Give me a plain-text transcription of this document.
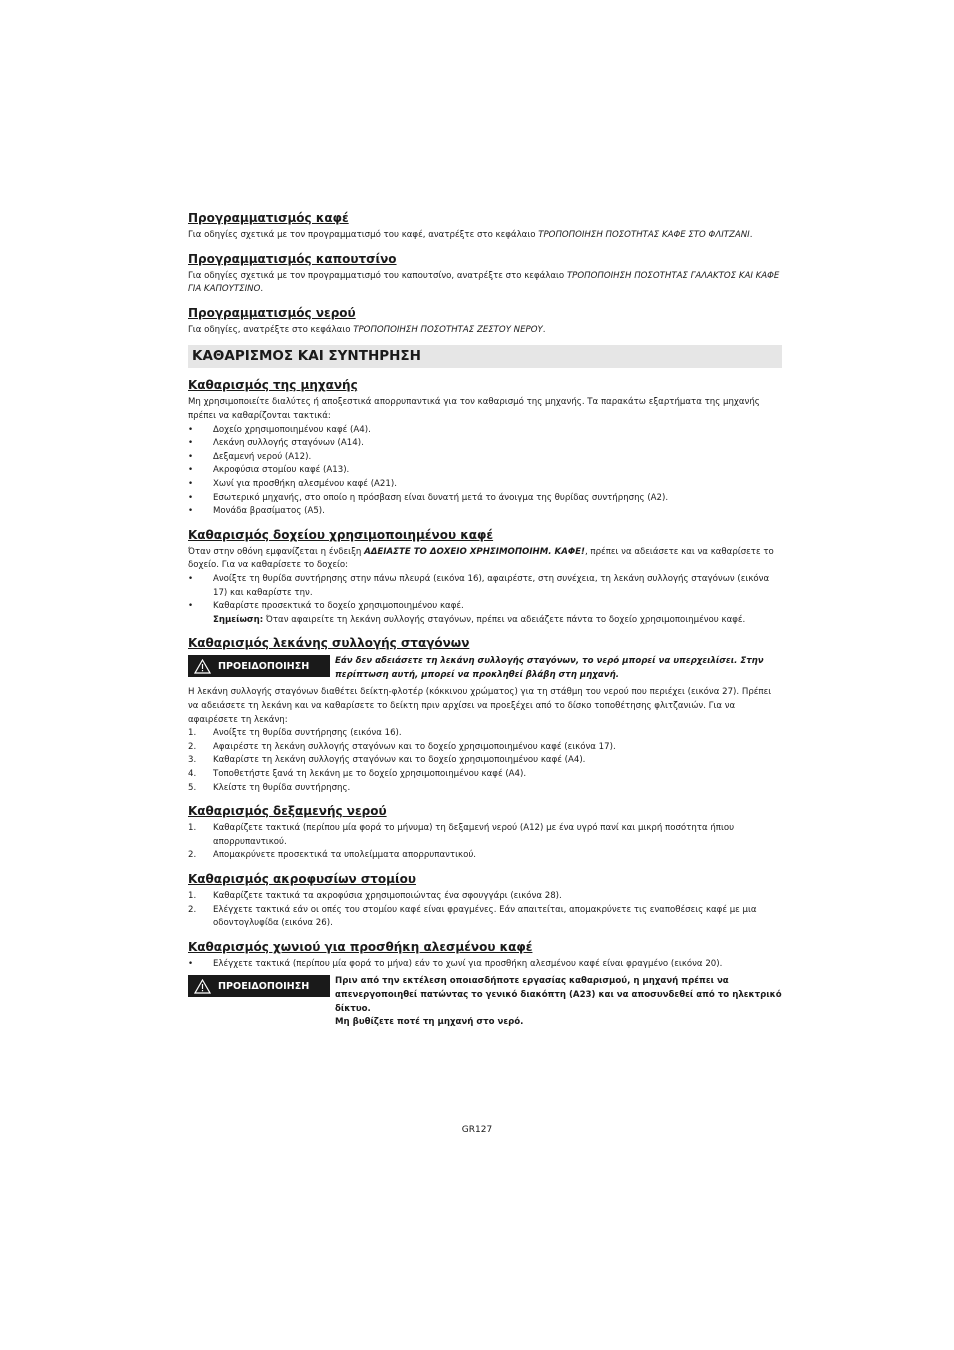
Προγραμματισμός καφέ

Για οδηγίες σχετικά με τον προγραμματισμό του καφέ, ανατρέξτε στο κεφάλαιο ΤΡΟΠΟΠΟΙΗΣΗ ΠΟΣΟΤΗΤΑΣ ΚΑΦΕ ΣΤΟ ΦΛΙΤΖΑΝΙ.

Προγραμματισμός καπουτσίνο

Για οδηγίες σχετικά με τον προγραμματισμό του καπουτσίνο, ανατρέξτε στο κεφάλαιο ΤΡΟΠΟΠΟΙΗΣΗ ΠΟΣΟΤΗΤΑΣ ΓΑΛΑΚΤΟΣ ΚΑΙ ΚΑΦΕ ΓΙΑ ΚΑΠΟΥΤΣΙΝΟ.

Προγραμματισμός νερού

Για οδηγίες, ανατρέξτε στο κεφάλαιο ΤΡΟΠΟΠΟΙΗΣΗ ΠΟΣΟΤΗΤΑΣ ΖΕΣΤΟΥ ΝΕΡΟΥ.

ΚΑΘΑΡΙΣΜΟΣ ΚΑΙ ΣΥΝΤΗΡΗΣΗ
Καθαρισμός της μηχανής

Μη χρησιμοποιείτε διαλύτες ή αποξεστικά απορρυπαντικά για τον καθαρισμό της μηχανής. Τα παρακάτω εξαρτήματα της μηχανής πρέπει να καθαρίζονται τακτικά:

• Δοχείο χρησιμοποιημένου καφέ (A4).
• Λεκάνη συλλογής σταγόνων (A14).
• Δεξαμενή νερού (A12).
• Ακροφύσια στομίου καφέ (A13).
• Χωνί για προσθήκη αλεσμένου καφέ (A21).
• Εσωτερικό μηχανής, στο οποίο η πρόσβαση είναι δυνατή μετά το άνοιγμα της θυρίδας συντήρησης (A2).
• Μονάδα βρασίματος (A5).
Καθαρισμός δοχείου χρησιμοποιημένου καφέ

Όταν στην οθόνη εμφανίζεται η ένδειξη ΑΔΕΙΑΣΤΕ ΤΟ ΔΟΧΕΙΟ ΧΡΗΣΙΜΟΠΟΙΗΜ. ΚΑΦΕ!, πρέπει να αδειάσετε και να καθαρίσετε το δοχείο. Για να καθαρίσετε το δοχείο:

• Ανοίξτε τη θυρίδα συντήρησης στην πάνω πλευρά (εικόνα 16), αφαιρέστε, στη συνέχεια, τη λεκάνη συλλογής σταγόνων (εικόνα 17) και καθαρίστε την.
• Καθαρίστε προσεκτικά το δοχείο χρησιμοποιημένου καφέ.
Σημείωση: Όταν αφαιρείτε τη λεκάνη συλλογής σταγόνων, πρέπει να αδειάζετε πάντα το δοχείο χρησιμοποιημένου καφέ.
Καθαρισμός λεκάνης συλλογής σταγόνων
ΠΡΟΕΙΔΟΠΟΙΗΣΗ	Εάν δεν αδειάσετε τη λεκάνη συλλογής σταγόνων, το νερό μπορεί να υπερχειλίσει. Στην περίπτωση αυτή, μπορεί να προκληθεί βλάβη στη μηχανή.

Η λεκάνη συλλογής σταγόνων διαθέτει δείκτη-φλοτέρ (κόκκινου χρώματος) για τη στάθμη του νερού που περιέχει (εικόνα 27). Πρέπει να αδειάσετε τη λεκάνη και να καθαρίσετε το δείκτη πριν αρχίσει να προεξέχει από το δίσκο τοποθέτησης φλιτζανιών. Για να αφαιρέσετε τη λεκάνη:

1. Ανοίξτε τη θυρίδα συντήρησης (εικόνα 16).
2. Αφαιρέστε τη λεκάνη συλλογής σταγόνων και το δοχείο χρησιμοποιημένου καφέ (εικόνα 17).
3. Καθαρίστε τη λεκάνη συλλογής σταγόνων και το δοχείο χρησιμοποιημένου καφέ (A4).
4. Τοποθετήστε ξανά τη λεκάνη με το δοχείο χρησιμοποιημένου καφέ (A4).
5. Κλείστε τη θυρίδα συντήρησης.
Καθαρισμός δεξαμενής νερού
1. Καθαρίζετε τακτικά (περίπου μία φορά το μήνυμα) τη δεξαμενή νερού (A12) με ένα υγρό πανί και μικρή ποσότητα ήπιου απορρυπαντικού.
2. Απομακρύνετε προσεκτικά τα υπολείμματα απορρυπαντικού.
Καθαρισμός ακροφυσίων στομίου
1. Καθαρίζετε τακτικά τα ακροφύσια χρησιμοποιώντας ένα σφουγγάρι (εικόνα 28).
2. Ελέγχετε τακτικά εάν οι οπές του στομίου καφέ είναι φραγμένες. Εάν απαιτείται, απομακρύνετε τις εναποθέσεις καφέ με μια οδοντογλυφίδα (εικόνα 26).
Καθαρισμός χωνιού για προσθήκη αλεσμένου καφέ
• Ελέγχετε τακτικά (περίπου μία φορά το μήνα) εάν το χωνί για προσθήκη αλεσμένου καφέ είναι φραγμένο (εικόνα 20).
ΠΡΟΕΙΔΟΠΟΙΗΣΗ	Πριν από την εκτέλεση οποιασδήποτε εργασίας καθαρισμού, η μηχανή πρέπει να απενεργοποιηθεί πατώντας το γενικό διακόπτη (A23) και να αποσυνδεθεί από το ηλεκτρικό δίκτυο.
Μη βυθίζετε ποτέ τη μηχανή στο νερό.
GR127
